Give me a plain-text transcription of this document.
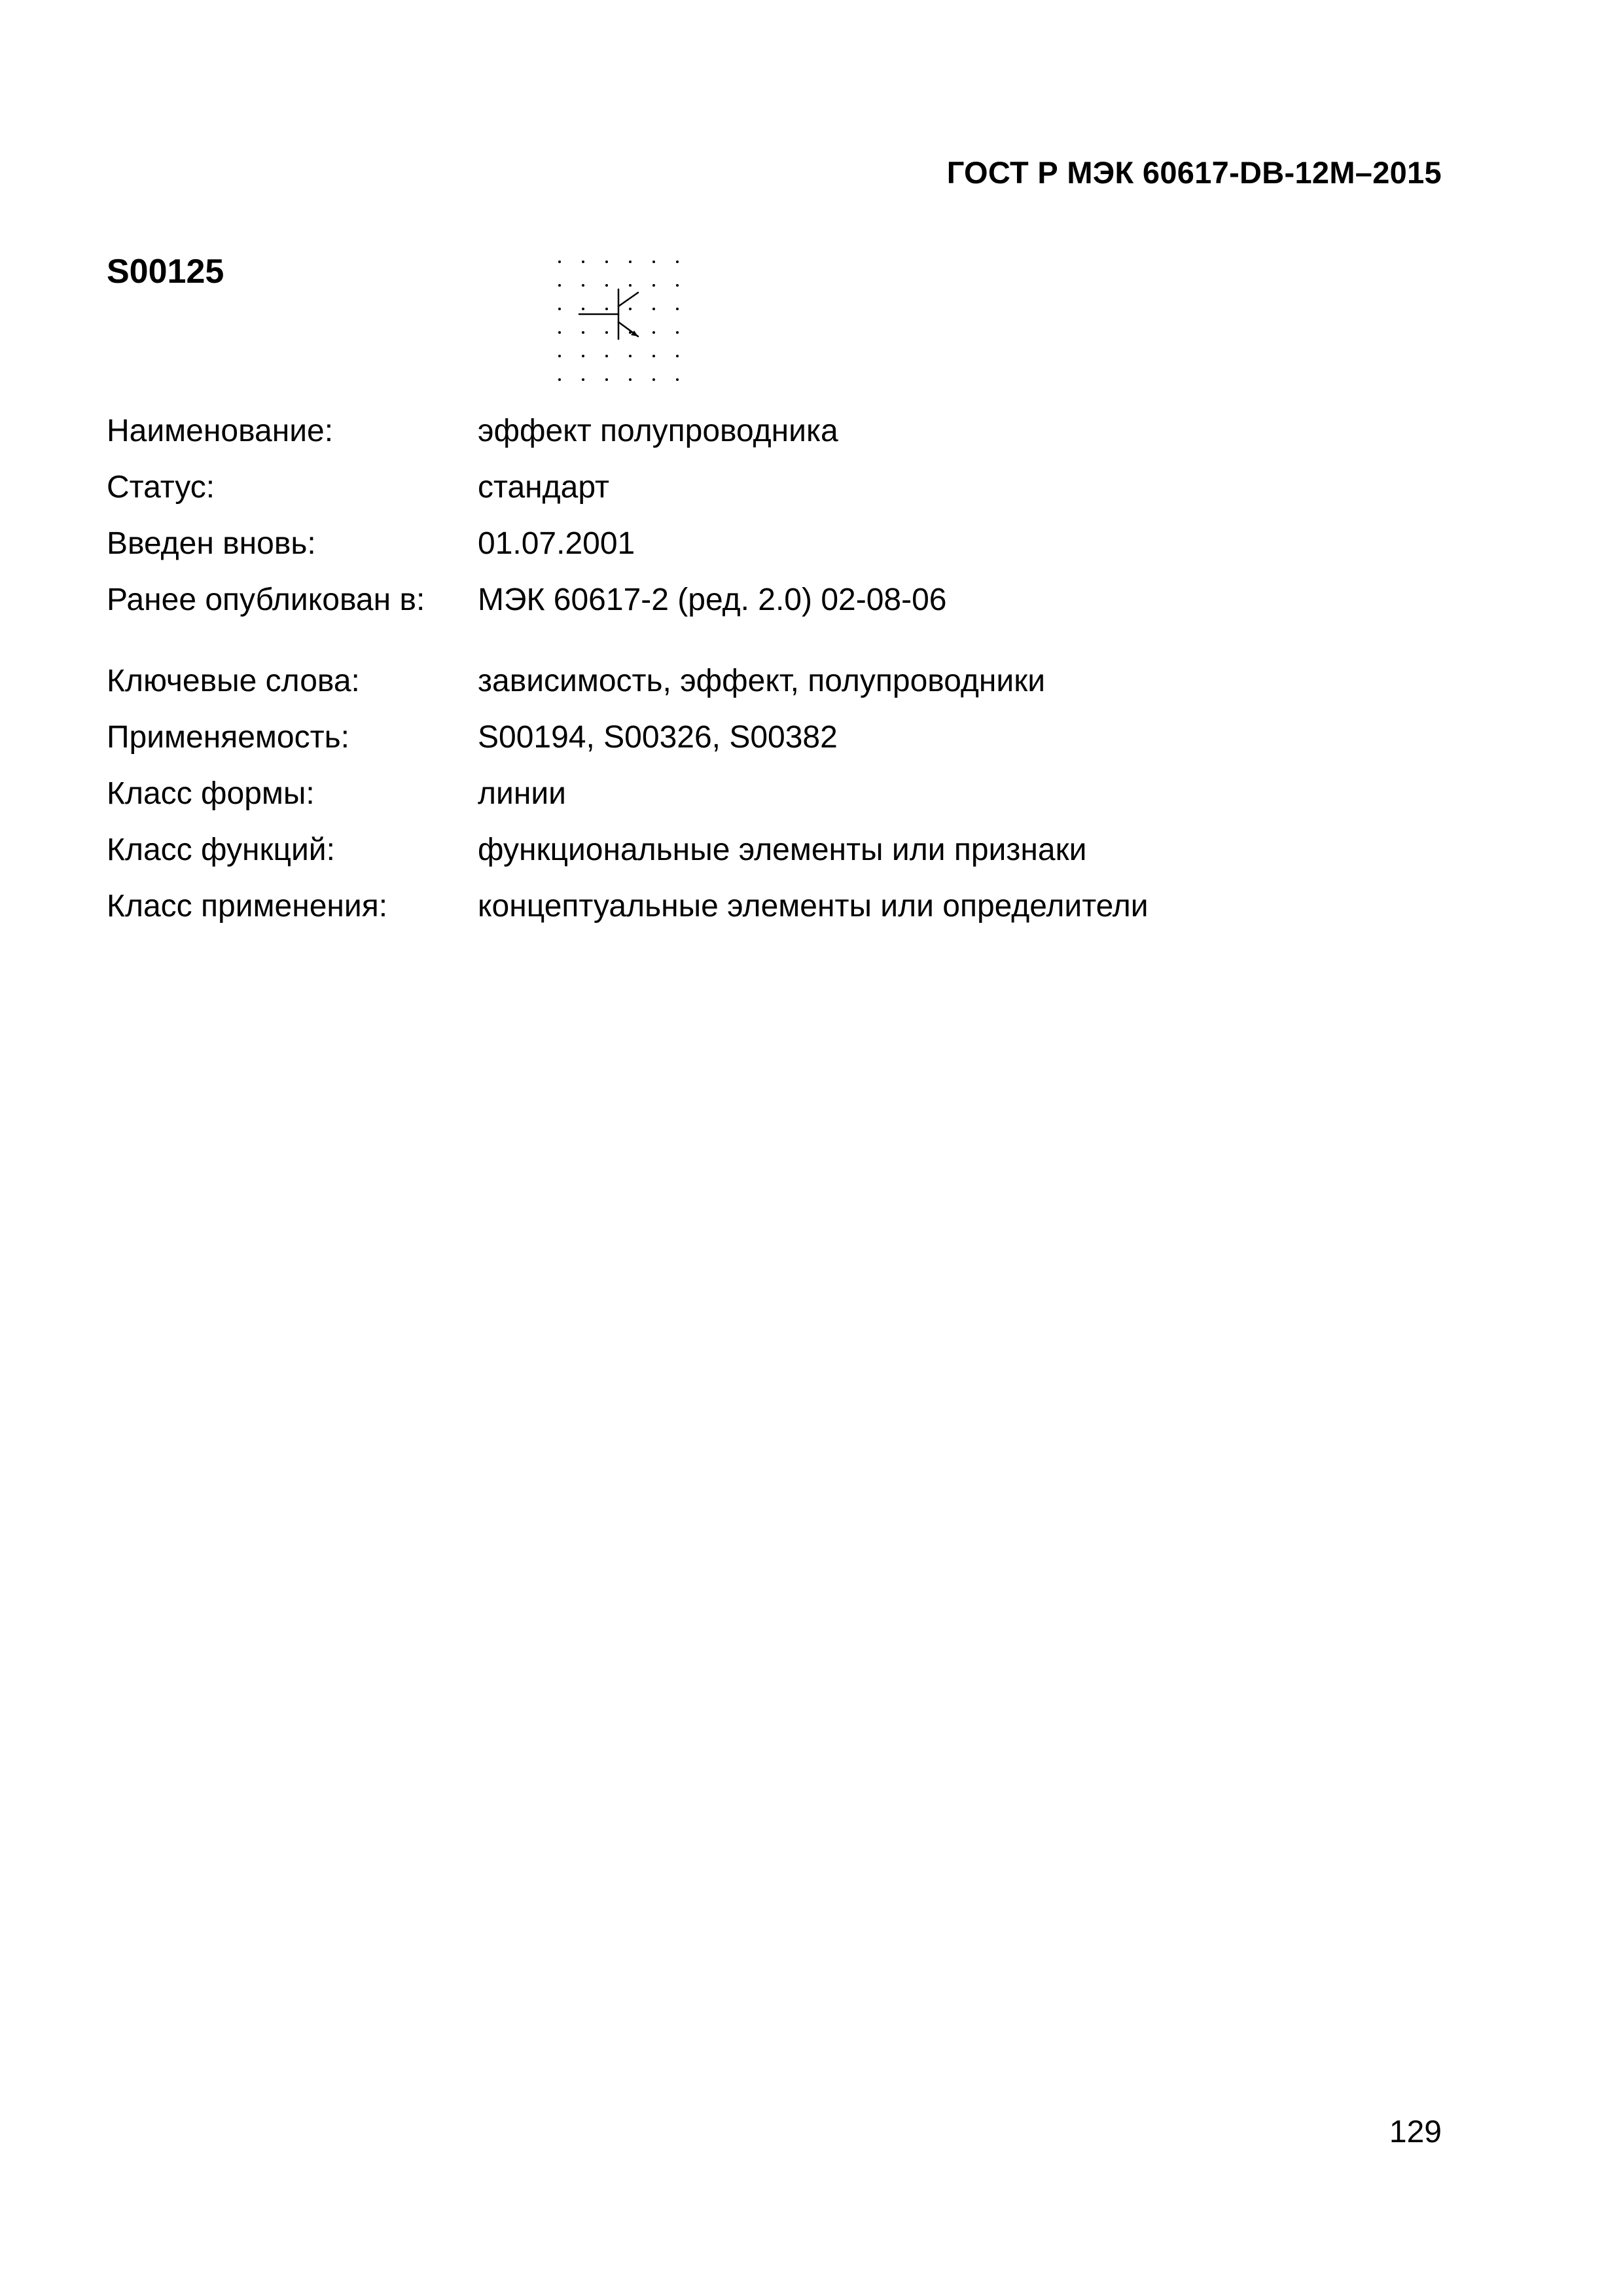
ГОСТ Р МЭК 60617-DB-12M–2015
S00125
Наименование:	эффект полупроводника
Статус:	стандарт
Введен вновь:	01.07.2001
Ранее опубликован в: МЭК 60617-2 (ред. 2.0) 02-08-06
Ключевые слова:	зависимость, эффект, полупроводники
Применяемость:	S00194, S00326, S00382
Класс формы:	линии
Класс функций:	функциональные элементы или признаки
Класс применения:	концептуальные элементы или определители
129
